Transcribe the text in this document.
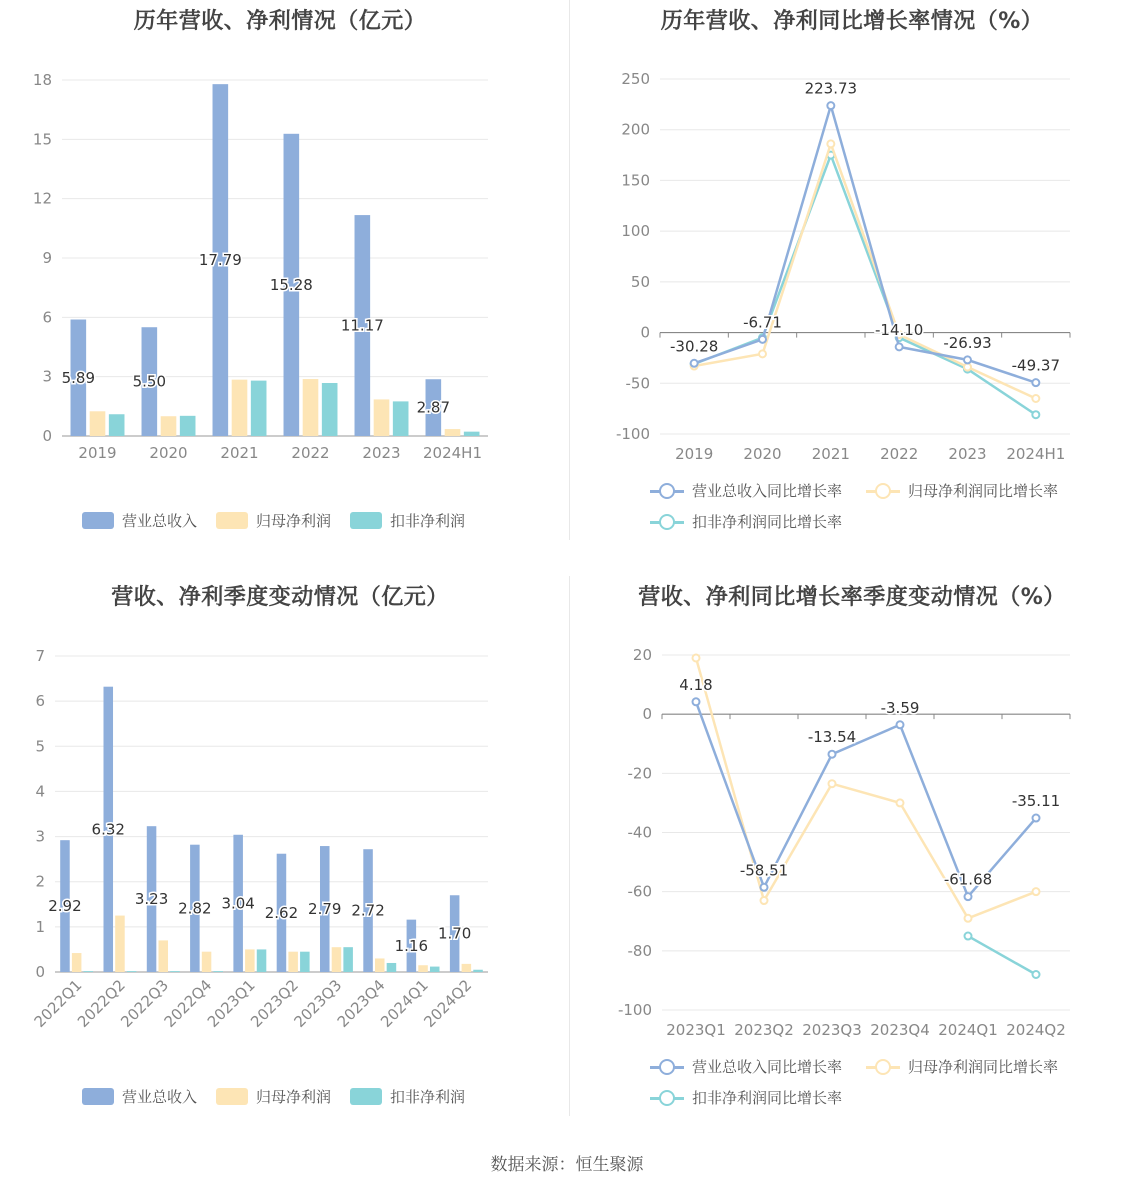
历年营收、净利情况（亿元）
0
3
6
9
12
15
18
2019
5.89
2020
5.50
2021
17.79
2022
15.28
2023
11.17
2024H1
2.87
营业总收入	归母净利润	扣非净利润
历年营收、净利同比增长率情况（%）
-100
-50
0
50
100
150
200
250
2019 2020 2021 2022 2023 2024H1
-30.28
-6.71
223.73
-14.10
-26.93
-49.37
营业总收入同比增长率	归母净利润同比增长率
扣非净利润同比增长率
营收、净利季度变动情况（亿元）
0
1
2
3
4
5
6
7
2022Q1
2.92
2022Q2
6.32
2022Q3
3.23
2022Q4
2.82
2023Q1
3.04
2023Q2
2.62
2023Q3
2.79
2023Q4
2.72
2024Q1
1.16
2024Q2
1.70
营业总收入	归母净利润	扣非净利润
营收、净利同比增长率季度变动情况（%）
-100
-80
-60
-40
-20
0
20
2023Q1 2023Q2 2023Q3 2023Q4 2024Q1 2024Q2
4.18
-58.51
-13.54
-3.59
-61.68
-35.11
营业总收入同比增长率	归母净利润同比增长率
扣非净利润同比增长率
数据来源：恒生聚源
